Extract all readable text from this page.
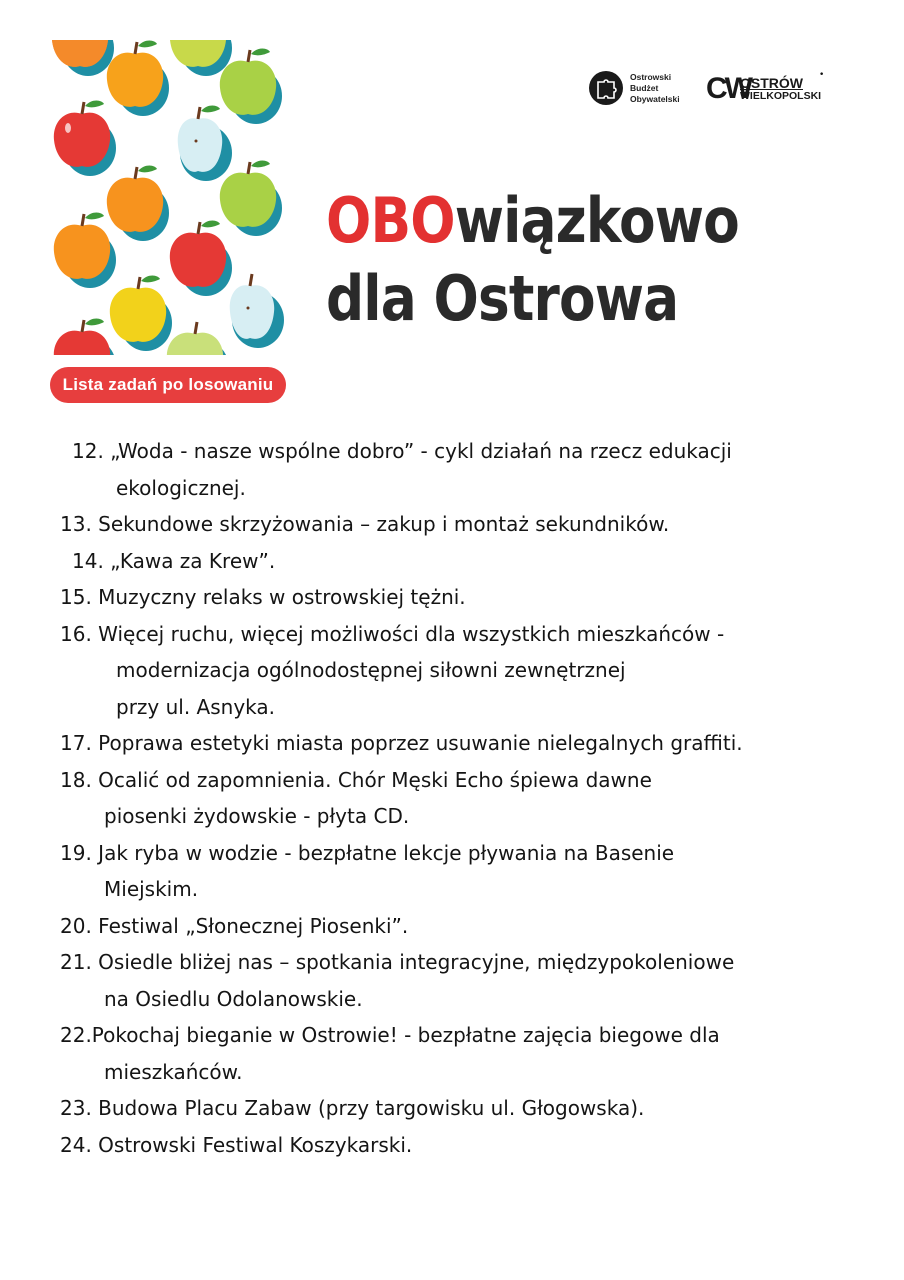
Lista zadań po losowaniu
Ostrowski
Budżet
Obywatelski CW
OSTRÓW
WIELKOPOLSKI
•
OBOwiązkowo
dla Ostrowa
12. „Woda - nasze wspólne dobro” - cykl działań na rzecz edukacji
ekologicznej.
13. Sekundowe skrzyżowania – zakup i montaż sekundników.
14. „Kawa za Krew”.
15. Muzyczny relaks w ostrowskiej tężni.
16. Więcej ruchu, więcej możliwości dla wszystkich mieszkańców -
modernizacja ogólnodostępnej siłowni zewnętrznej
przy ul. Asnyka.
17. Poprawa estetyki miasta poprzez usuwanie nielegalnych graffiti.
18. Ocalić od zapomnienia. Chór Męski Echo śpiewa dawne
piosenki żydowskie - płyta CD.
19. Jak ryba w wodzie - bezpłatne lekcje pływania na Basenie
Miejskim.
20. Festiwal „Słonecznej Piosenki”.
21. Osiedle bliżej nas – spotkania integracyjne, międzypokoleniowe
na Osiedlu Odolanowskie.
22.Pokochaj bieganie w Ostrowie! - bezpłatne zajęcia biegowe dla
mieszkańców.
23. Budowa Placu Zabaw (przy targowisku ul. Głogowska).
24. Ostrowski Festiwal Koszykarski.
